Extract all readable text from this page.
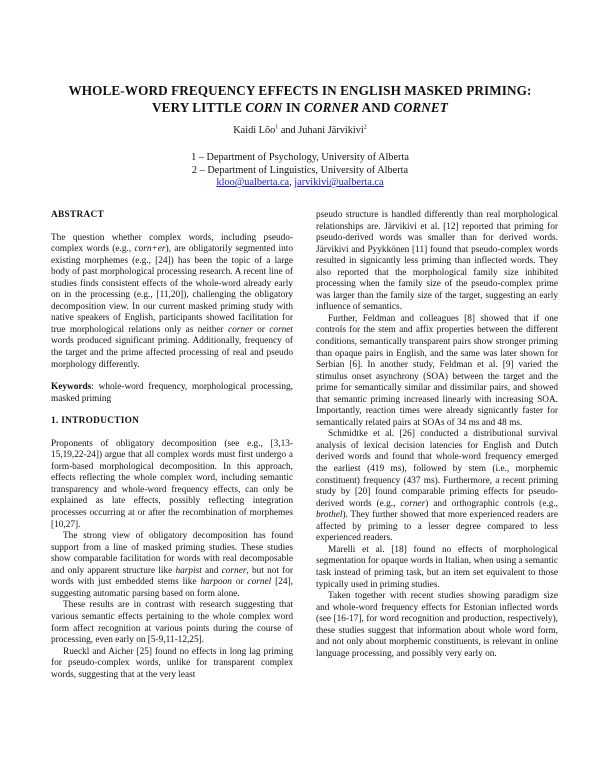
WHOLE-WORD FREQUENCY EFFECTS IN ENGLISH MASKED PRIMING:
VERY LITTLE CORN IN CORNER AND CORNET
Kaidi Lõo$^1$ and Juhani Järvikivi$^2$
1 – Department of Psychology, University of Alberta
2 – Department of Linguistics, University of Alberta
kloo@ualberta.ca, jarvikivi@ualberta.ca

ABSTRACT

The question whether complex words, including pseudo-complex words (e.g., corn+er), are obligatorily segmented into existing morphemes (e.g., [24]) has been the topic of a large body of past morphological processing research. A recent line of studies finds consistent effects of the whole-word already early on in the processing (e.g., [11,20]), challenging the obligatory decomposition view. In our current masked priming study with native speakers of English, participants showed facilitation for true morphological relations only as neither corner or cornet words produced significant priming. Additionally, frequency of the target and the prime affected processing of real and pseudo morphology differently.

Keywords: whole-word frequency, morphological processing, masked priming

1. INTRODUCTION

Proponents of obligatory decomposition (see e.g., [3,13-15,19,22-24]) argue that all complex words must first undergo a form-based morphological decomposition. In this approach, effects reflecting the whole complex word, including semantic transparency and whole-word frequency effects, can only be explained as late effects, possibly reflecting integration processes occurring at or after the recombination of morphemes [10,27].

The strong view of obligatory decomposition has found support from a line of masked priming studies. These studies show comparable facilitation for words with real decomposable and only apparent structure like harpist and corner, but not for words with just embedded stems like harpoon or cornel [24], suggesting automatic parsing based on form alone.

These results are in contrast with research suggesting that various semantic effects pertaining to the whole complex word form affect recognition at various points during the course of processing, even early on [5-9,11-12,25].

Rueckl and Aicher [25] found no effects in long lag priming for pseudo-complex words, unlike for transparent complex words, suggesting that at the very least

pseudo structure is handled differently than real morphological relationships are. Järvikivi et al. [12] reported that priming for pseudo-derived words was smaller than for derived words. Järvikivi and Pyykkönen [11] found that pseudo-complex words resulted in signicantly less priming than inflected words. They also reported that the morphological family size inhibited processing when the family size of the pseudo-complex prime was larger than the family size of the target, suggesting an early influence of semantics.

Further, Feldman and colleagues [8] showed that if one controls for the stem and affix properties between the different conditions, semantically transparent pairs show stronger priming than opaque pairs in English, and the same was later shown for Serbian [6]. In another study, Feldman et al. [9] varied the stimulus onset asynchrony (SOA) between the target and the prime for semantically similar and dissimilar pairs, and showed that semantic priming increased linearly with increasing SOA. Importantly, reaction times were already signicantly faster for semantically related pairs at SOAs of 34 ms and 48 ms.

Schmidtke et al. [26] conducted a distributional survival analysis of lexical decision latencies for English and Dutch derived words and found that whole-word frequency emerged the earliest (419 ms), followed by stem (i.e., morphemic constituent) frequency (437 ms). Furthermore, a recent priming study by [20] found comparable priming effects for pseudo-derived words (e.g., corner) and orthographic controls (e.g., brothel). They further showed that more experienced readers are affected by priming to a lesser degree compared to less experienced readers.

Marelli et al. [18] found no effects of morphological segmentation for opaque words in Italian, when using a semantic task instead of priming task, but an item set equivalent to those typically used in priming studies.

Taken together with recent studies showing paradigm size and whole-word frequency effects for Estonian inflected words (see [16-17], for word recognition and production, respectively), these studies suggest that information about whole word form, and not only about morphemic constituents, is relevant in online language processing, and possibly very early on.
